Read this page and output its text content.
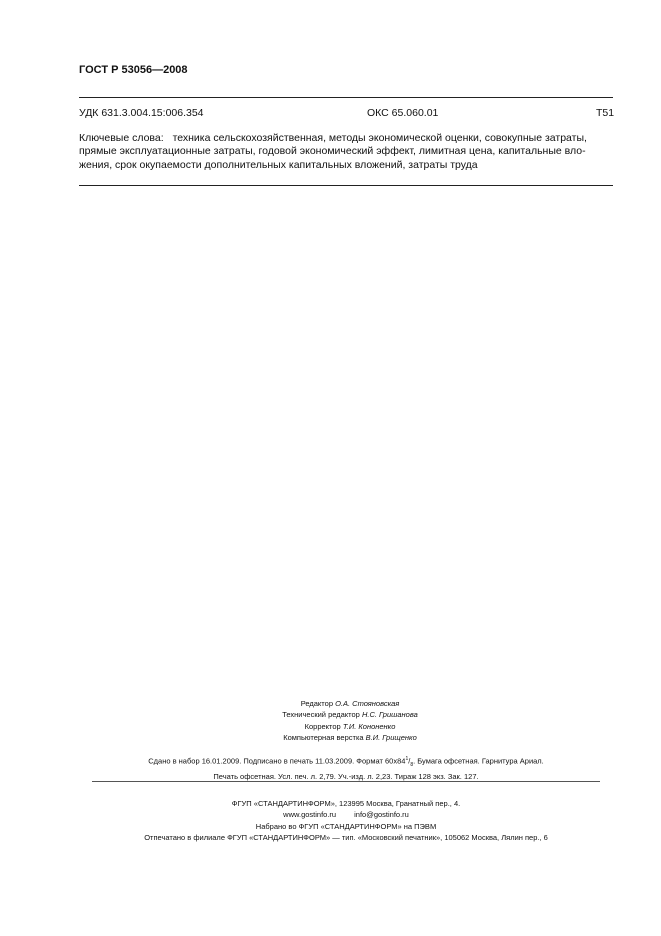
ГОСТ Р 53056—2008
УДК 631.3.004.15:006.354	ОКС 65.060.01	Т51
Ключевые слова: техника сельскохозяйственная, методы экономической оценки, совокупные затраты,
прямые эксплуатационные затраты, годовой экономический эффект, лимитная цена, капитальные вло-
жения, срок окупаемости дополнительных капитальных вложений, затраты труда
Редактор О.А. Стояновская
Технический редактор Н.С. Гришанова
Корректор Т.И. Кононенко
Компьютерная верстка В.И. Грищенко
Сдано в набор 16.01.2009. Подписано в печать 11.03.2009. Формат $60x84^1/_8$. Бумага офсетная. Гарнитура Ариал.
Печать офсетная. Усл. печ. л. 2,79. Уч.-изд. л. 2,23. Тираж 128 экз. Зак. 127.
ФГУП «СТАНДАРТИНФОРМ», 123995 Москва, Гранатный пер., 4.
www.gostinfo.ru info@gostinfo.ru
Набрано во ФГУП «СТАНДАРТИНФОРМ» на ПЭВМ
Отпечатано в филиале ФГУП «СТАНДАРТИНФОРМ» — тип. «Московский печатник», 105062 Москва, Лялин пер., 6
